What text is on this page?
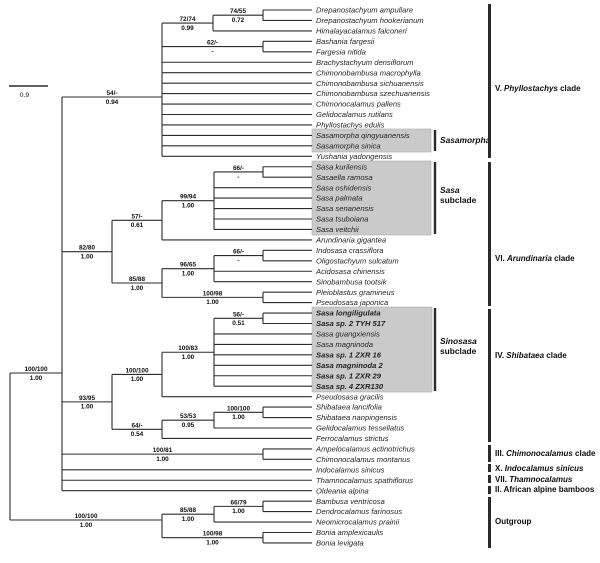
100/100
1.00
100/100
1.00
54/-
0.94
82/80
1.00
93/95
1.00
100/81
1.00
72/74
0.99
62/-
-
74/55
0.72
57/-
0.61
85/88
1.00
99/94
1.00
66/-
-
96/65
1.00
100/98
1.00
66/-
-
100/100
1.00
64/-
0.54
100/83
1.00
56/-
0.51
53/53
0.95
100/100
1.00
85/88
1.00
100/98
1.00
66/79
1.00
Drepanostachyum ampullare
Drepanostachyum hookerianum
Himalayacalamus falconeri
Bashania fargesii
Fargesia nitida
Brachystachyum densiflorum
Chimonobambusa macrophylla
Chimonobambusa sichuanensis
Chimonobambusa szechuanensis
Chimonocalamus pallens
Gelidocalamus rutilans
Phyllostachys edulis
Sasamorpha qingyuanensis
Sasamorpha sinica
Yushania yadongensis
Sasa kurilensis
Sasaella ramosa
Sasa oshidensis
Sasa palmata
Sasa senanensis
Sasa tsuboiana
Sasa veitchii
Arundinaria gigantea
Indosasa crassiflora
Oligostachyum sulcatum
Acidosasa chinensis
Sinobambusa tootsik
Pleioblastus gramineus
Pseudosasa japonica
Sasa longiligulata
Sasa sp. 2 TYH 517
Sasa guangxiensis
Sasa magninoda
Sasa sp. 1 ZXR 16
Sasa magninoda 2
Sasa sp. 1 ZXR 29
Sasa sp. 4 ZXR130
Pseudosasa gracilis
Shibataea lancifolia
Shibataea nanpingensis
Gelidocalamus tessellatus
Ferrocalamus strictus
Ampelocalamus actinotrichus
Chimonocalamus montanus
Indocalamus sinicus
Thamnocalamus spathiflorus
Oldeania alpina
Bambusa ventricosa
Dendrocalamus farinosus
Neomicrocalamus prainii
Bonia amplexicaulis
Bonia levigata
Sasamorpha
Sasa
subclade
Sinosasa
subclade
V. Phyllostachys clade
VI. Arundinaria clade
IV. Shibataea clade
III. Chimonocalamus clade
X. Indocalamus sinicus
VII. Thamnocalamus
II. African alpine bamboos
Outgroup
0.9
